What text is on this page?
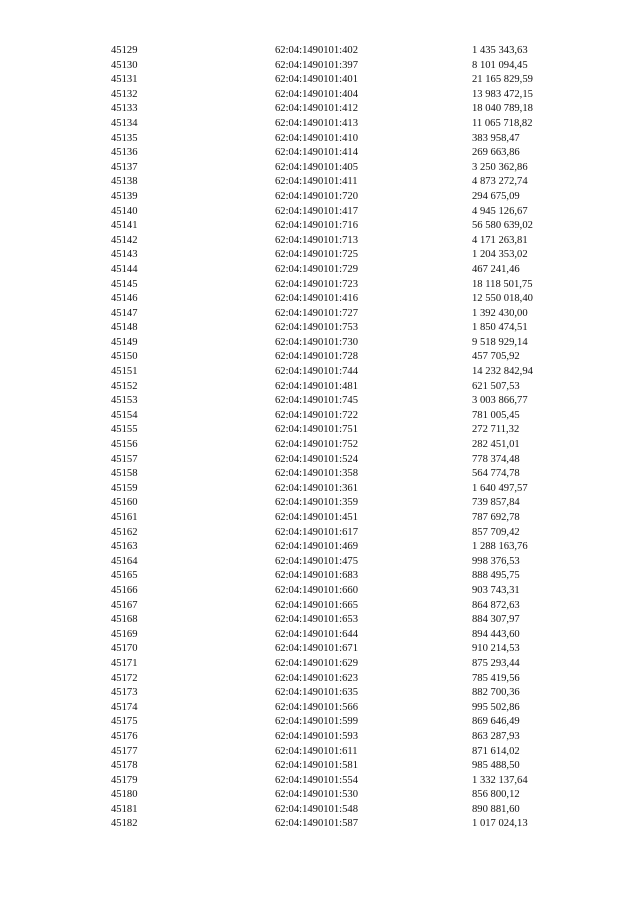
45129	62:04:1490101:402	1 435 343,63
45130	62:04:1490101:397	8 101 094,45
45131	62:04:1490101:401	21 165 829,59
45132	62:04:1490101:404	13 983 472,15
45133	62:04:1490101:412	18 040 789,18
45134	62:04:1490101:413	11 065 718,82
45135	62:04:1490101:410	383 958,47
45136	62:04:1490101:414	269 663,86
45137	62:04:1490101:405	3 250 362,86
45138	62:04:1490101:411	4 873 272,74
45139	62:04:1490101:720	294 675,09
45140	62:04:1490101:417	4 945 126,67
45141	62:04:1490101:716	56 580 639,02
45142	62:04:1490101:713	4 171 263,81
45143	62:04:1490101:725	1 204 353,02
45144	62:04:1490101:729	467 241,46
45145	62:04:1490101:723	18 118 501,75
45146	62:04:1490101:416	12 550 018,40
45147	62:04:1490101:727	1 392 430,00
45148	62:04:1490101:753	1 850 474,51
45149	62:04:1490101:730	9 518 929,14
45150	62:04:1490101:728	457 705,92
45151	62:04:1490101:744	14 232 842,94
45152	62:04:1490101:481	621 507,53
45153	62:04:1490101:745	3 003 866,77
45154	62:04:1490101:722	781 005,45
45155	62:04:1490101:751	272 711,32
45156	62:04:1490101:752	282 451,01
45157	62:04:1490101:524	778 374,48
45158	62:04:1490101:358	564 774,78
45159	62:04:1490101:361	1 640 497,57
45160	62:04:1490101:359	739 857,84
45161	62:04:1490101:451	787 692,78
45162	62:04:1490101:617	857 709,42
45163	62:04:1490101:469	1 288 163,76
45164	62:04:1490101:475	998 376,53
45165	62:04:1490101:683	888 495,75
45166	62:04:1490101:660	903 743,31
45167	62:04:1490101:665	864 872,63
45168	62:04:1490101:653	884 307,97
45169	62:04:1490101:644	894 443,60
45170	62:04:1490101:671	910 214,53
45171	62:04:1490101:629	875 293,44
45172	62:04:1490101:623	785 419,56
45173	62:04:1490101:635	882 700,36
45174	62:04:1490101:566	995 502,86
45175	62:04:1490101:599	869 646,49
45176	62:04:1490101:593	863 287,93
45177	62:04:1490101:611	871 614,02
45178	62:04:1490101:581	985 488,50
45179	62:04:1490101:554	1 332 137,64
45180	62:04:1490101:530	856 800,12
45181	62:04:1490101:548	890 881,60
45182	62:04:1490101:587	1 017 024,13
